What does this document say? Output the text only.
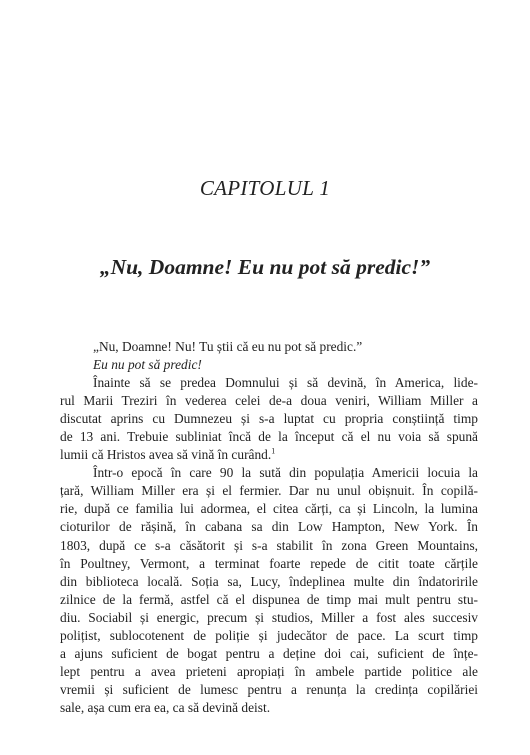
CAPITOLUL 1
„Nu, Doamne! Eu nu pot să predic!”
„Nu, Doamne! Nu! Tu știi că eu nu pot să predic.”
Eu nu pot să predic!
Înainte să se predea Domnului și să devină, în America, lide-
rul Marii Treziri în vederea celei de-a doua veniri, William Miller a
discutat aprins cu Dumnezeu și s-a luptat cu propria conștiință timp
de 13 ani. Trebuie subliniat încă de la început că el nu voia să spună
lumii că Hristos avea să vină în curând.$^1$
Într-o epocă în care 90 la sută din populația Americii locuia la
țară, William Miller era și el fermier. Dar nu unul obișnuit. În copilă-
rie, după ce familia lui adormea, el citea cărți, ca și Lincoln, la lumina
cioturilor de rășină, în cabana sa din Low Hampton, New York. În
1803, după ce s-a căsătorit și s-a stabilit în zona Green Mountains,
în Poultney, Vermont, a terminat foarte repede de citit toate cărțile
din biblioteca locală. Soția sa, Lucy, îndeplinea multe din îndatoririle
zilnice de la fermă, astfel că el dispunea de timp mai mult pentru stu-
diu. Sociabil și energic, precum și studios, Miller a fost ales succesiv
polițist, sublocotenent de poliție și judecător de pace. La scurt timp
a ajuns suficient de bogat pentru a deține doi cai, suficient de înțe-
lept pentru a avea prieteni apropiați în ambele partide politice ale
vremii și suficient de lumesc pentru a renunța la credința copilăriei
sale, așa cum era ea, ca să devină deist.
